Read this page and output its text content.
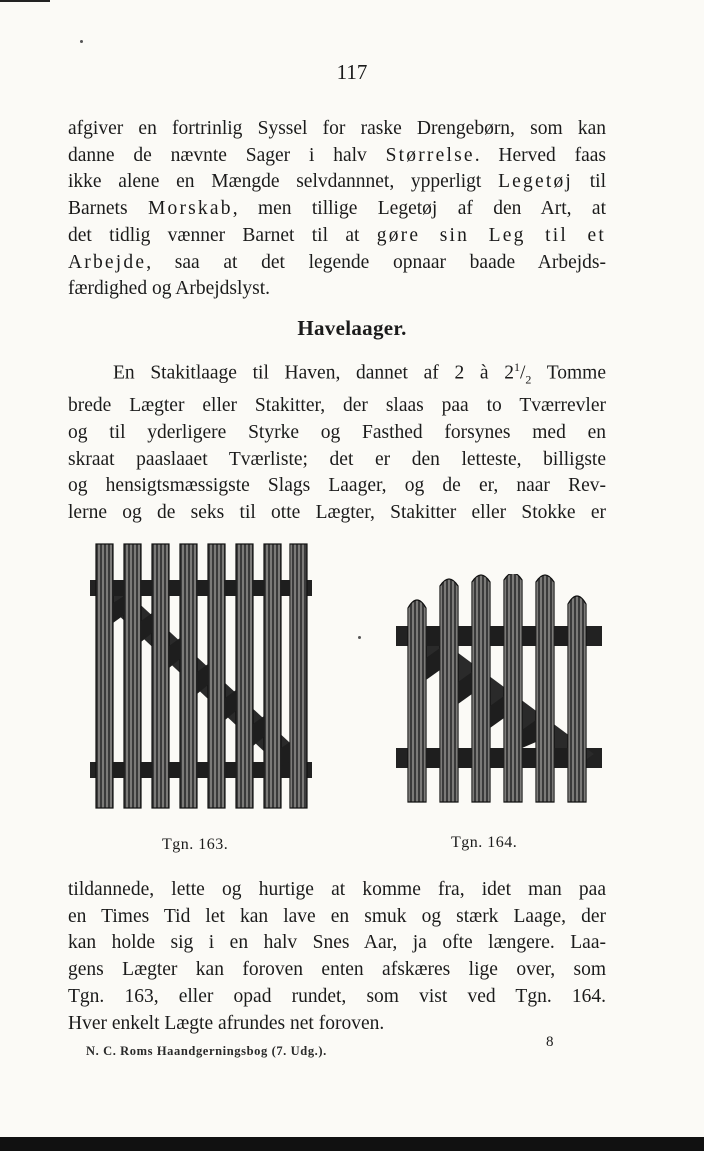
117
afgiver en fortrinlig Syssel for raske Drengebørn, som kan
danne de nævnte Sager i halv Størrelse. Herved faas
ikke alene en Mængde selvdannnet, ypperligt Legetøj til
Barnets Morskab, men tillige Legetøj af den Art, at
det tidlig vænner Barnet til at gøre sin Leg til et
Arbejde, saa at det legende opnaar baade Arbejds-
færdighed og Arbejdslyst.
Havelaager.
En Stakitlaage til Haven, dannet af 2 à $2^1/_2$ Tomme
brede Lægter eller Stakitter, der slaas paa to Tværrevler
og til yderligere Styrke og Fasthed forsynes med en
skraat paaslaaet Tværliste; det er den letteste, billigste
og hensigtsmæssigste Slags Laager, og de er, naar Rev-
lerne og de seks til otte Lægter, Stakitter eller Stokke er
Tgn. 163.	Tgn. 164.
tildannede, lette og hurtige at komme fra, idet man paa
en Times Tid let kan lave en smuk og stærk Laage, der
kan holde sig i en halv Snes Aar, ja ofte længere. Laa-
gens Lægter kan foroven enten afskæres lige over, som
Tgn. 163, eller opad rundet, som vist ved Tgn. 164.
Hver enkelt Lægte afrundes net foroven.
N. C. Roms Haandgerningsbog (7. Udg.).
8
